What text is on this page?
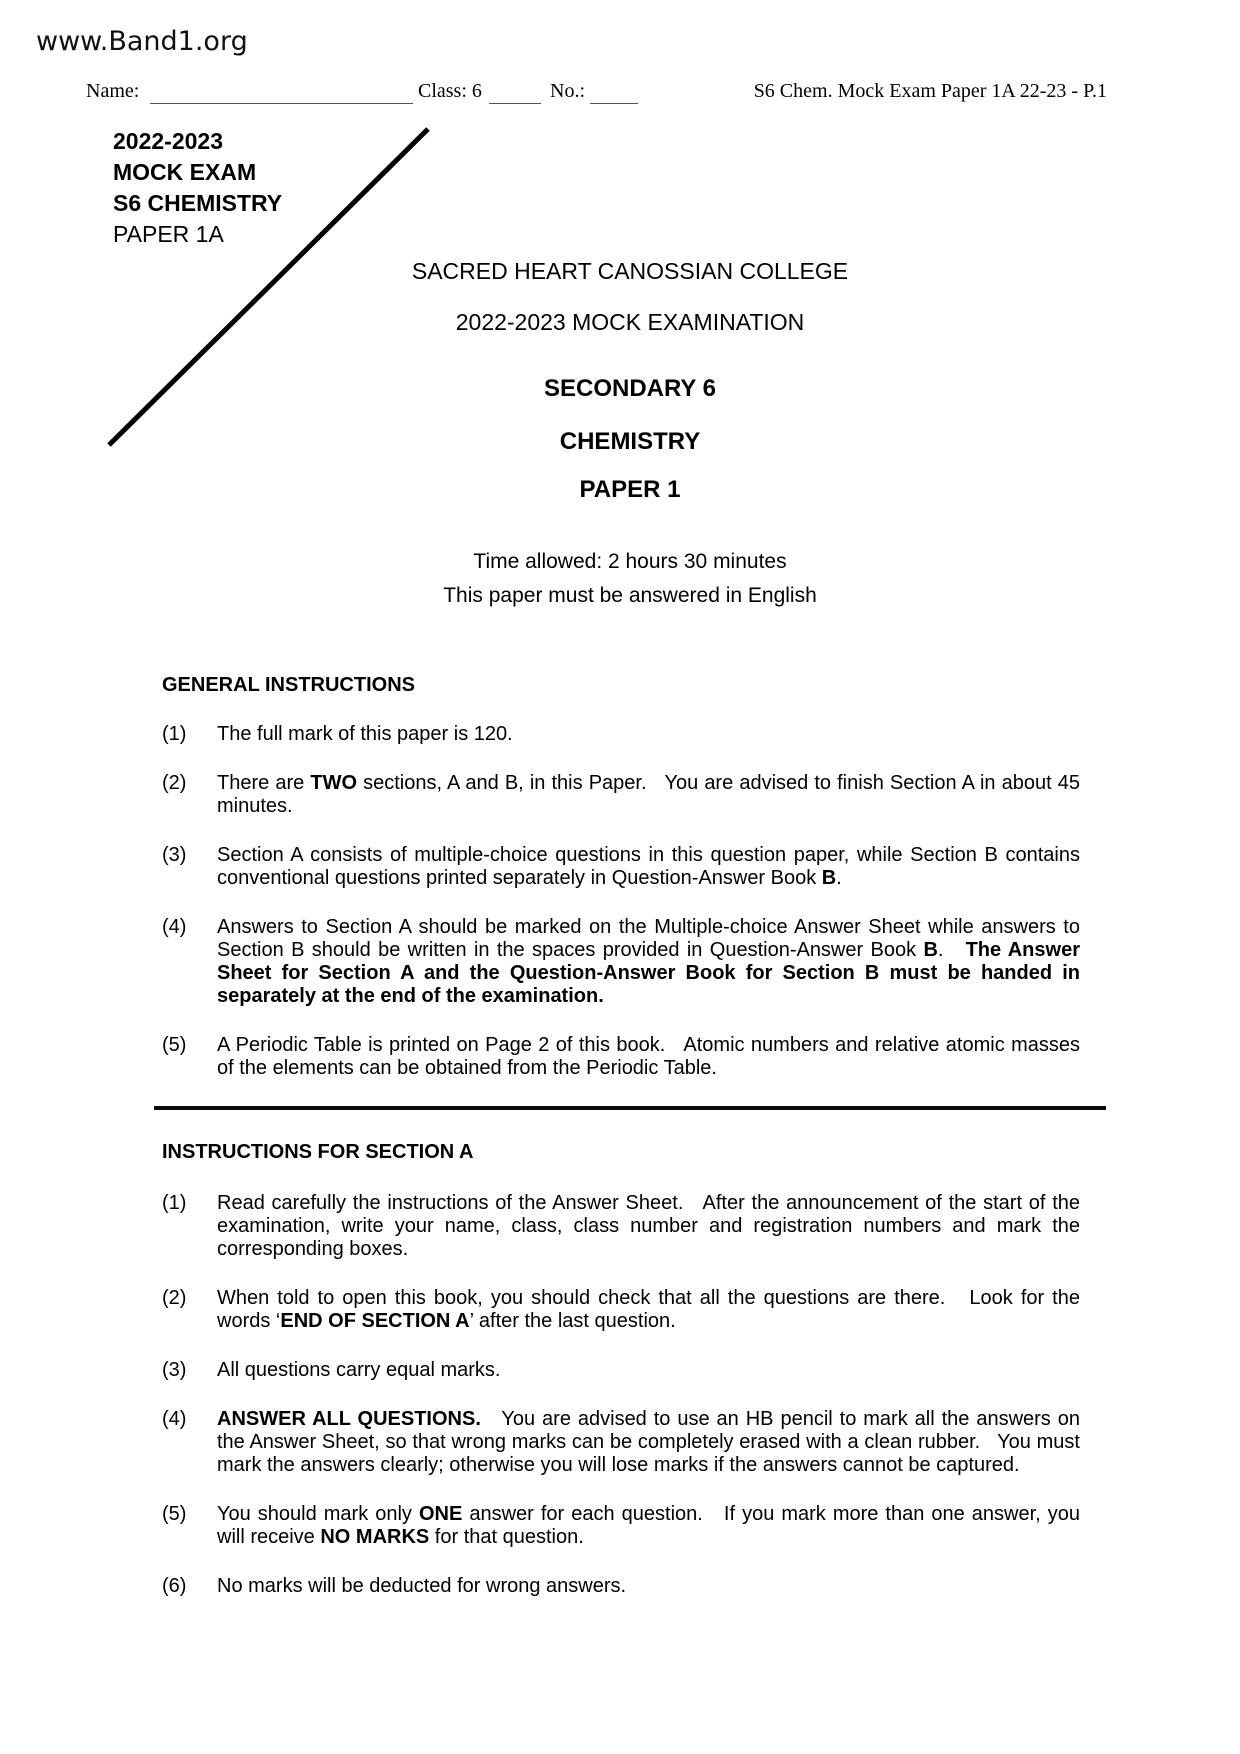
www.Band1.org
Name:	Class: 6	No.:	S6 Chem. Mock Exam Paper 1A 22-23 - P.1
2022-2023
MOCK EXAM
S6 CHEMISTRY
PAPER 1A
SACRED HEART CANOSSIAN COLLEGE
2022-2023 MOCK EXAMINATION
SECONDARY 6
CHEMISTRY
PAPER 1
Time allowed: 2 hours 30 minutes
This paper must be answered in English
GENERAL INSTRUCTIONS
(1) The full mark of this paper is 120.
(2) There are TWO sections, A and B, in this Paper.   You are advised to finish Section A in about 45 minutes.
(3) Section A consists of multiple-choice questions in this question paper, while Section B contains conventional questions printed separately in Question-Answer Book B.
(4) Answers to Section A should be marked on the Multiple-choice Answer Sheet while answers to Section B should be written in the spaces provided in Question-Answer Book B.   The Answer Sheet for Section A and the Question-Answer Book for Section B must be handed in separately at the end of the examination.
(5) A Periodic Table is printed on Page 2 of this book.   Atomic numbers and relative atomic masses of the elements can be obtained from the Periodic Table.
INSTRUCTIONS FOR SECTION A
(1) Read carefully the instructions of the Answer Sheet.   After the announcement of the start of the examination, write your name, class, class number and registration numbers and mark the corresponding boxes.
(2) When told to open this book, you should check that all the questions are there.   Look for the words ‘END OF SECTION A’ after the last question.
(3) All questions carry equal marks.
(4) ANSWER ALL QUESTIONS.   You are advised to use an HB pencil to mark all the answers on the Answer Sheet, so that wrong marks can be completely erased with a clean rubber.   You must mark the answers clearly; otherwise you will lose marks if the answers cannot be captured.
(5) You should mark only ONE answer for each question.   If you mark more than one answer, you will receive NO MARKS for that question.
(6) No marks will be deducted for wrong answers.
